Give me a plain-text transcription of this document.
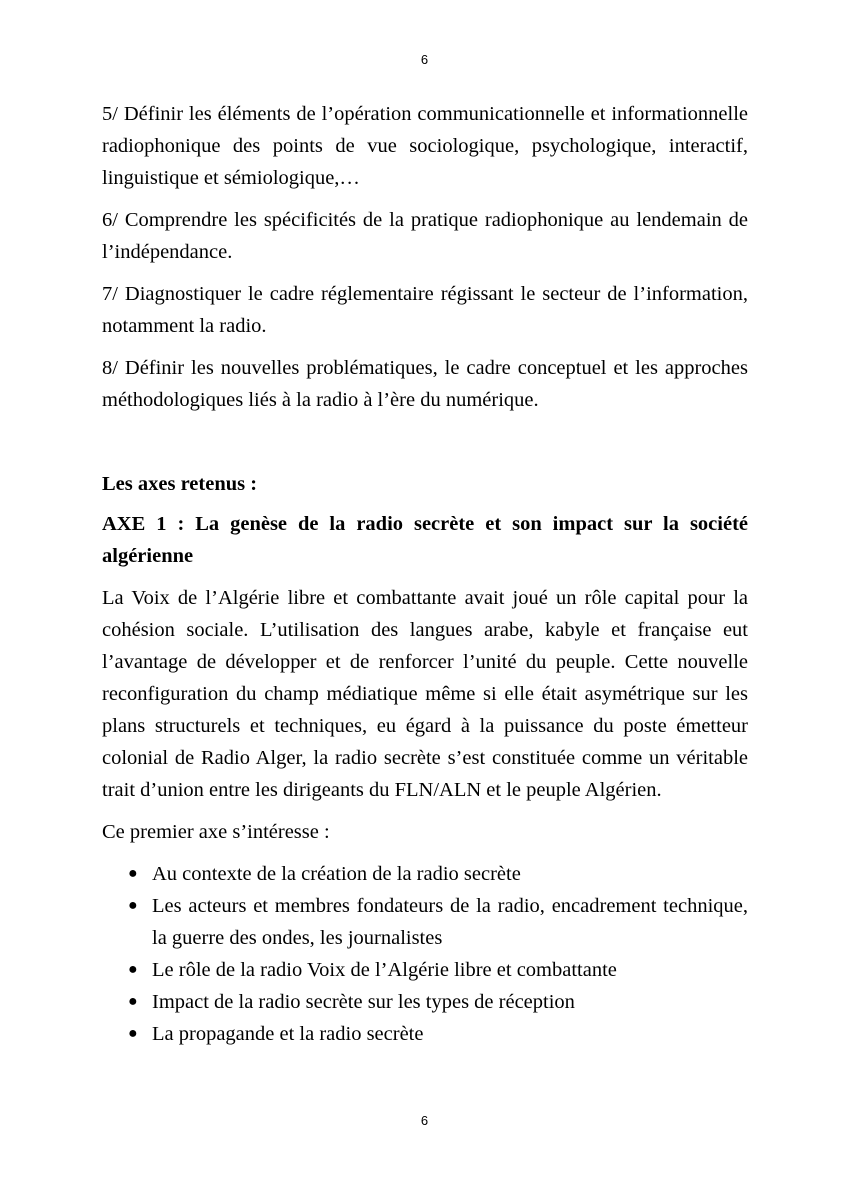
6

5/ Définir les éléments de l’opération communicationnelle et informationnelle radiophonique des points de vue sociologique, psychologique, interactif, linguistique et sémiologique,…

6/ Comprendre les spécificités de la pratique radiophonique au lendemain de l’indépendance.

7/ Diagnostiquer le cadre réglementaire régissant le secteur de l’information, notamment la radio.

8/ Définir les nouvelles problématiques, le cadre conceptuel et les approches méthodologiques liés à la radio à l’ère du numérique.

Les axes retenus :

AXE 1 : La genèse de la radio secrète et son impact sur la société algérienne

La Voix de l’Algérie libre et combattante avait joué un rôle capital pour la cohésion sociale. L’utilisation des langues arabe, kabyle et française eut l’avantage de développer et de renforcer l’unité du peuple. Cette nouvelle reconfiguration du champ médiatique même si elle était asymétrique sur les plans structurels et techniques, eu égard à la puissance du poste émetteur colonial de Radio Alger, la radio secrète s’est constituée comme un véritable trait d’union entre les dirigeants du FLN/ALN et le peuple Algérien.

Ce premier axe s’intéresse :

● Au contexte de la création de la radio secrète
● Les acteurs et membres fondateurs de la radio, encadrement technique, la guerre des ondes, les journalistes
● Le rôle de la radio Voix de l’Algérie libre et combattante
● Impact de la radio secrète sur les types de réception
● La propagande et la radio secrète
6
